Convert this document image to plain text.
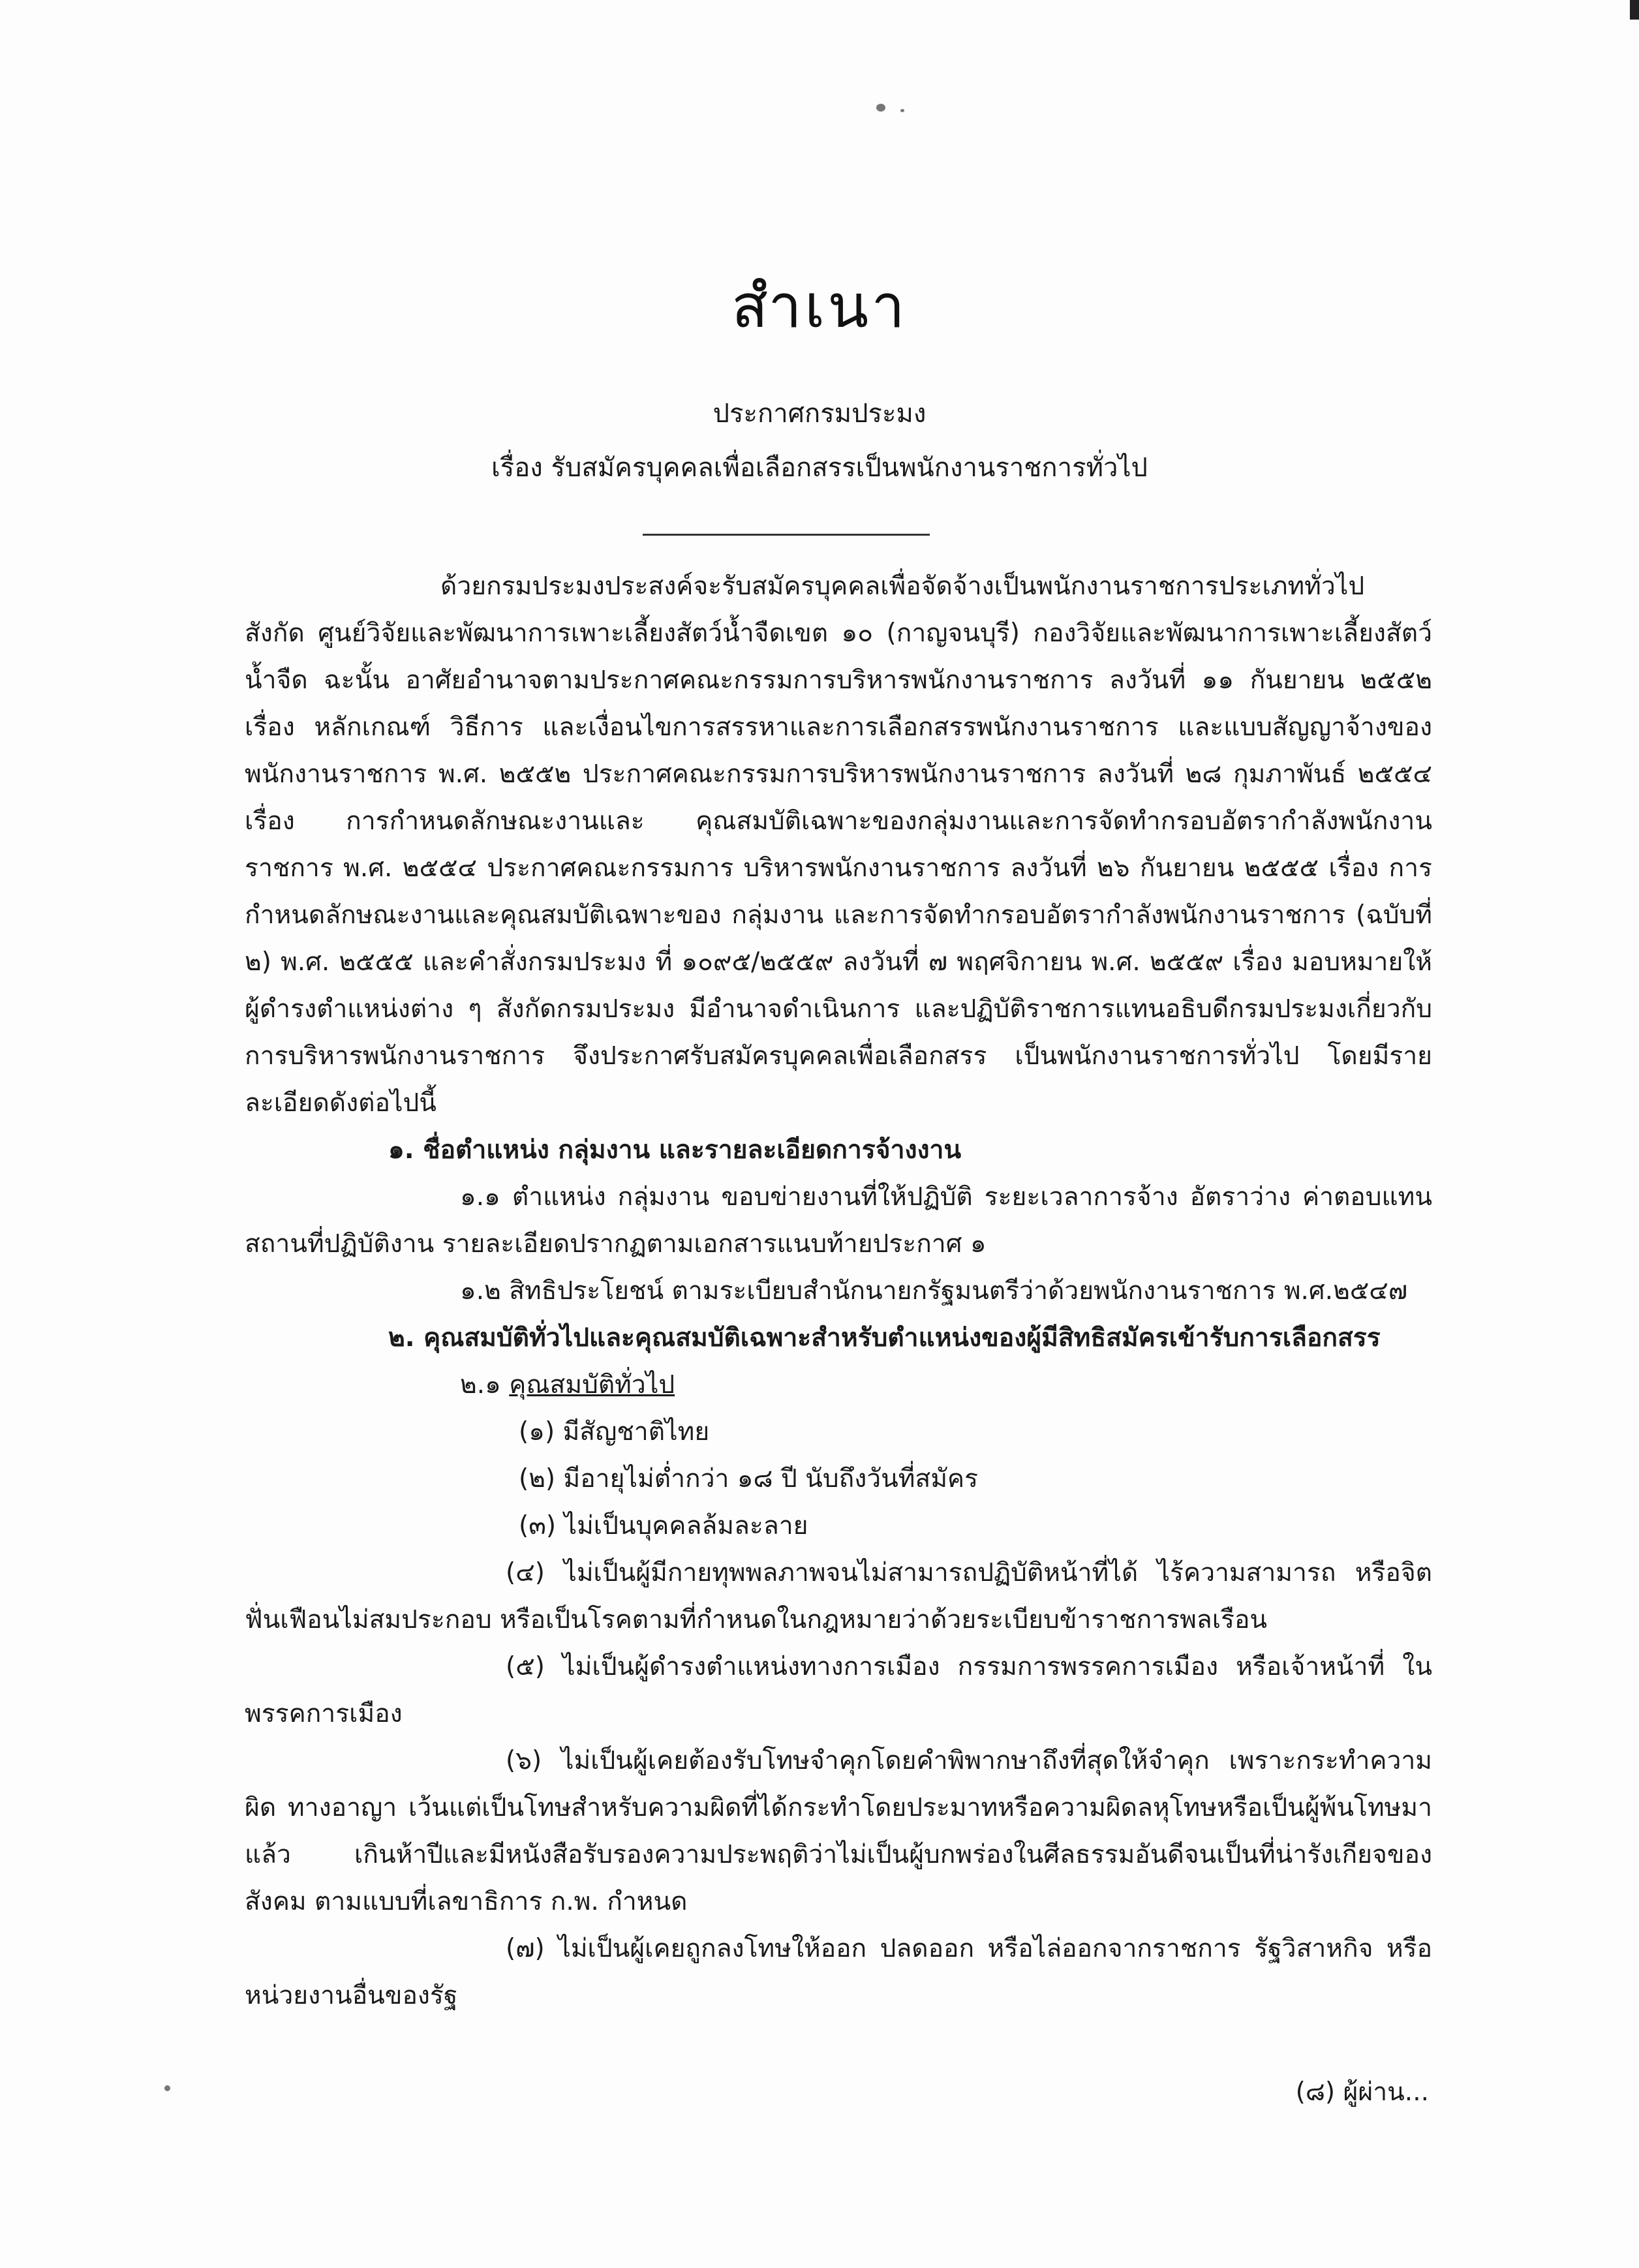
สำเนา
ประกาศกรมประมง
เรื่อง รับสมัครบุคคลเพื่อเลือกสรรเป็นพนักงานราชการทั่วไป

ด้วยกรมประมงประสงค์จะรับสมัครบุคคลเพื่อจัดจ้างเป็นพนักงานราชการประเภททั่วไป สังกัด ศูนย์วิจัยและพัฒนาการเพาะเลี้ยงสัตว์น้ำจืดเขต ๑๐ (กาญจนบุรี) กองวิจัยและพัฒนาการเพาะเลี้ยงสัตว์น้ำจืด ฉะนั้น อาศัยอำนาจตามประกาศคณะกรรมการบริหารพนักงานราชการ ลงวันที่ ๑๑ กันยายน ๒๕๕๒ เรื่อง หลักเกณฑ์ วิธีการ และเงื่อนไขการสรรหาและการเลือกสรรพนักงานราชการ และแบบสัญญาจ้างของพนักงานราชการ พ.ศ. ๒๕๕๒ ประกาศคณะกรรมการบริหารพนักงานราชการ ลงวันที่ ๒๘ กุมภาพันธ์ ๒๕๕๔ เรื่อง การกำหนดลักษณะงานและ คุณสมบัติเฉพาะของกลุ่มงานและการจัดทำกรอบอัตรากำลังพนักงานราชการ พ.ศ. ๒๕๕๔ ประกาศคณะกรรมการ บริหารพนักงานราชการ ลงวันที่ ๒๖ กันยายน ๒๕๕๕ เรื่อง การกำหนดลักษณะงานและคุณสมบัติเฉพาะของ กลุ่มงาน และการจัดทำกรอบอัตรากำลังพนักงานราชการ (ฉบับที่ ๒) พ.ศ. ๒๕๕๕ และคำสั่งกรมประมง ที่ ๑๐๙๕/๒๕๕๙ ลงวันที่ ๗ พฤศจิกายน พ.ศ. ๒๕๕๙ เรื่อง มอบหมายให้ผู้ดำรงตำแหน่งต่าง ๆ สังกัดกรมประมง มีอำนาจดำเนินการ และปฏิบัติราชการแทนอธิบดีกรมประมงเกี่ยวกับการบริหารพนักงานราชการ จึงประกาศรับสมัครบุคคลเพื่อเลือกสรร เป็นพนักงานราชการทั่วไป โดยมีรายละเอียดดังต่อไปนี้

๑. ชื่อตำแหน่ง กลุ่มงาน และรายละเอียดการจ้างงาน

๑.๑ ตำแหน่ง กลุ่มงาน ขอบข่ายงานที่ให้ปฏิบัติ ระยะเวลาการจ้าง อัตราว่าง ค่าตอบแทน สถานที่ปฏิบัติงาน รายละเอียดปรากฏตามเอกสารแนบท้ายประกาศ ๑

๑.๒ สิทธิประโยชน์ ตามระเบียบสำนักนายกรัฐมนตรีว่าด้วยพนักงานราชการ พ.ศ.๒๕๔๗

๒. คุณสมบัติทั่วไปและคุณสมบัติเฉพาะสำหรับตำแหน่งของผู้มีสิทธิสมัครเข้ารับการเลือกสรร

๒.๑ คุณสมบัติทั่วไป

(๑) มีสัญชาติไทย

(๒) มีอายุไม่ต่ำกว่า ๑๘ ปี นับถึงวันที่สมัคร

(๓) ไม่เป็นบุคคลล้มละลาย

(๔) ไม่เป็นผู้มีกายทุพพลภาพจนไม่สามารถปฏิบัติหน้าที่ได้ ไร้ความสามารถ หรือจิต ฟั่นเฟือนไม่สมประกอบ หรือเป็นโรคตามที่กำหนดในกฎหมายว่าด้วยระเบียบข้าราชการพลเรือน

(๕) ไม่เป็นผู้ดำรงตำแหน่งทางการเมือง กรรมการพรรคการเมือง หรือเจ้าหน้าที่ ในพรรคการเมือง

(๖) ไม่เป็นผู้เคยต้องรับโทษจำคุกโดยคำพิพากษาถึงที่สุดให้จำคุก เพราะกระทำความผิด ทางอาญา เว้นแต่เป็นโทษสำหรับความผิดที่ได้กระทำโดยประมาทหรือความผิดลหุโทษหรือเป็นผู้พ้นโทษมาแล้ว เกินห้าปีและมีหนังสือรับรองความประพฤติว่าไม่เป็นผู้บกพร่องในศีลธรรมอันดีจนเป็นที่น่ารังเกียจของสังคม ตามแบบที่เลขาธิการ ก.พ. กำหนด

(๗) ไม่เป็นผู้เคยถูกลงโทษให้ออก ปลดออก หรือไล่ออกจากราชการ รัฐวิสาหกิจ หรือ หน่วยงานอื่นของรัฐ

(๘) ผู้ผ่าน...
